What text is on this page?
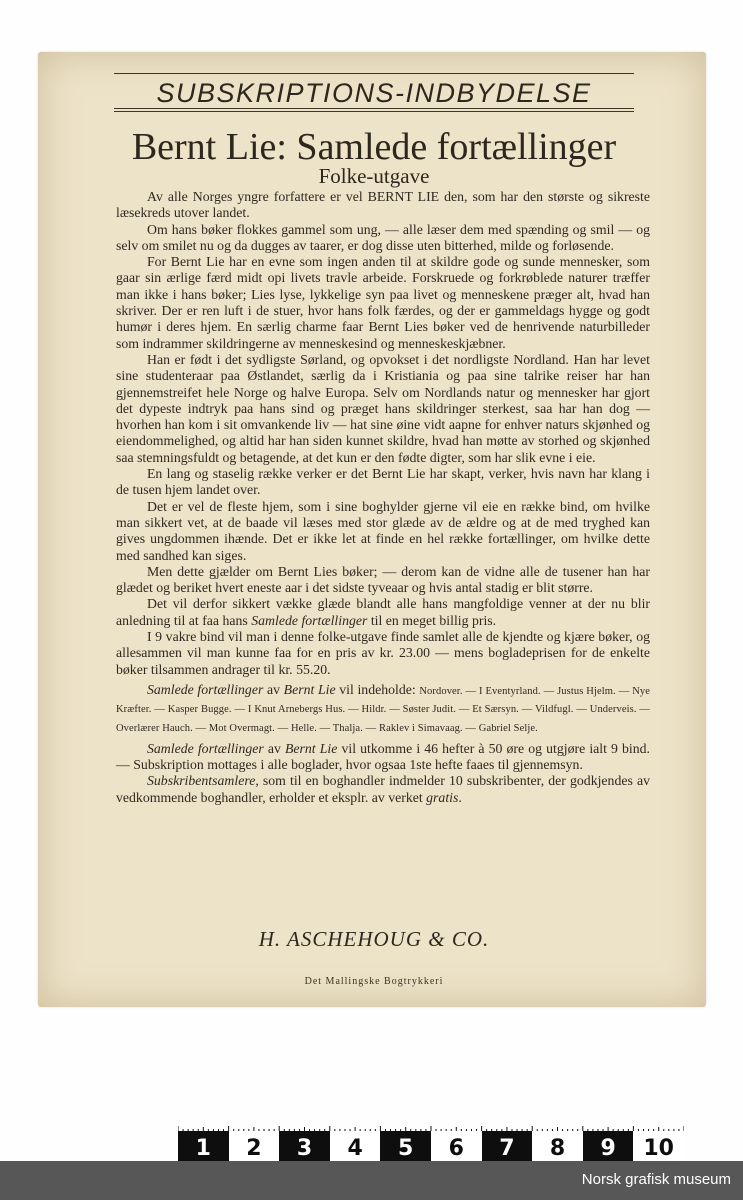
SUBSKRIPTIONS-INDBYDELSE
Bernt Lie: Samlede fortællinger
Folke-utgave

Av alle Norges yngre forfattere er vel BERNT LIE den, som har den største og sikreste læsekreds utover landet.

Om hans bøker flokkes gammel som ung, — alle læser dem med spænding og smil — og selv om smilet nu og da dugges av taarer, er dog disse uten bitterhed, milde og forløsende.

For Bernt Lie har en evne som ingen anden til at skildre gode og sunde mennesker, som gaar sin ærlige færd midt opi livets travle arbeide. Forskruede og forkrøblede naturer træffer man ikke i hans bøker; Lies lyse, lykkelige syn paa livet og menneskene præger alt, hvad han skriver. Der er ren luft i de stuer, hvor hans folk færdes, og der er gammeldags hygge og godt humør i deres hjem. En særlig charme faar Bernt Lies bøker ved de henrivende naturbilleder som indrammer skildringerne av menneskesind og menneskeskjæbner.

Han er født i det sydligste Sørland, og opvokset i det nordligste Nordland. Han har levet sine studenteraar paa Østlandet, særlig da i Kristiania og paa sine talrike reiser har han gjennemstreifet hele Norge og halve Europa. Selv om Nordlands natur og mennesker har gjort det dypeste indtryk paa hans sind og præget hans skildringer sterkest, saa har han dog — hvorhen han kom i sit omvankende liv — hat sine øine vidt aapne for enhver naturs skjønhed og eiendommelighed, og altid har han siden kunnet skildre, hvad han møtte av storhed og skjønhed saa stemningsfuldt og betagende, at det kun er den fødte digter, som har slik evne i eie.

En lang og staselig række verker er det Bernt Lie har skapt, verker, hvis navn har klang i de tusen hjem landet over.

Det er vel de fleste hjem, som i sine boghylder gjerne vil eie en række bind, om hvilke man sikkert vet, at de baade vil læses med stor glæde av de ældre og at de med tryghed kan gives ungdommen ihænde. Det er ikke let at finde en hel række fortællinger, om hvilke dette med sandhed kan siges.

Men dette gjælder om Bernt Lies bøker; — derom kan de vidne alle de tusener han har glædet og beriket hvert eneste aar i det sidste tyveaar og hvis antal stadig er blit større.

Det vil derfor sikkert vække glæde blandt alle hans mangfoldige venner at der nu blir anledning til at faa hans Samlede fortællinger til en meget billig pris.

I 9 vakre bind vil man i denne folke-utgave finde samlet alle de kjendte og kjære bøker, og allesammen vil man kunne faa for en pris av kr. 23.00 — mens bogladeprisen for de enkelte bøker tilsammen andrager til kr. 55.20.

Samlede fortællinger av Bernt Lie vil indeholde: Nordover. — I Eventyrland. — Justus Hjelm. — Nye Kræfter. — Kasper Bugge. — I Knut Arnebergs Hus. — Hildr. — Søster Judit. — Et Særsyn. — Vildfugl. — Underveis. — Overlærer Hauch. — Mot Overmagt. — Helle. — Thalja. — Raklev i Simavaag. — Gabriel Selje.

Samlede fortællinger av Bernt Lie vil utkomme i 46 hefter à 50 øre og utgjøre ialt 9 bind. — Subskription mottages i alle boglader, hvor ogsaa 1ste hefte faaes til gjennemsyn.

Subskribentsamlere, som til en boghandler indmelder 10 subskribenter, der godkjendes av vedkommende boghandler, erholder et eksplr. av verket gratis.

H. ASCHEHOUG & CO.
Det Mallingske Bogtrykkeri
1	2	3	4	5	6	7	8	9	10
Norsk grafisk museum
